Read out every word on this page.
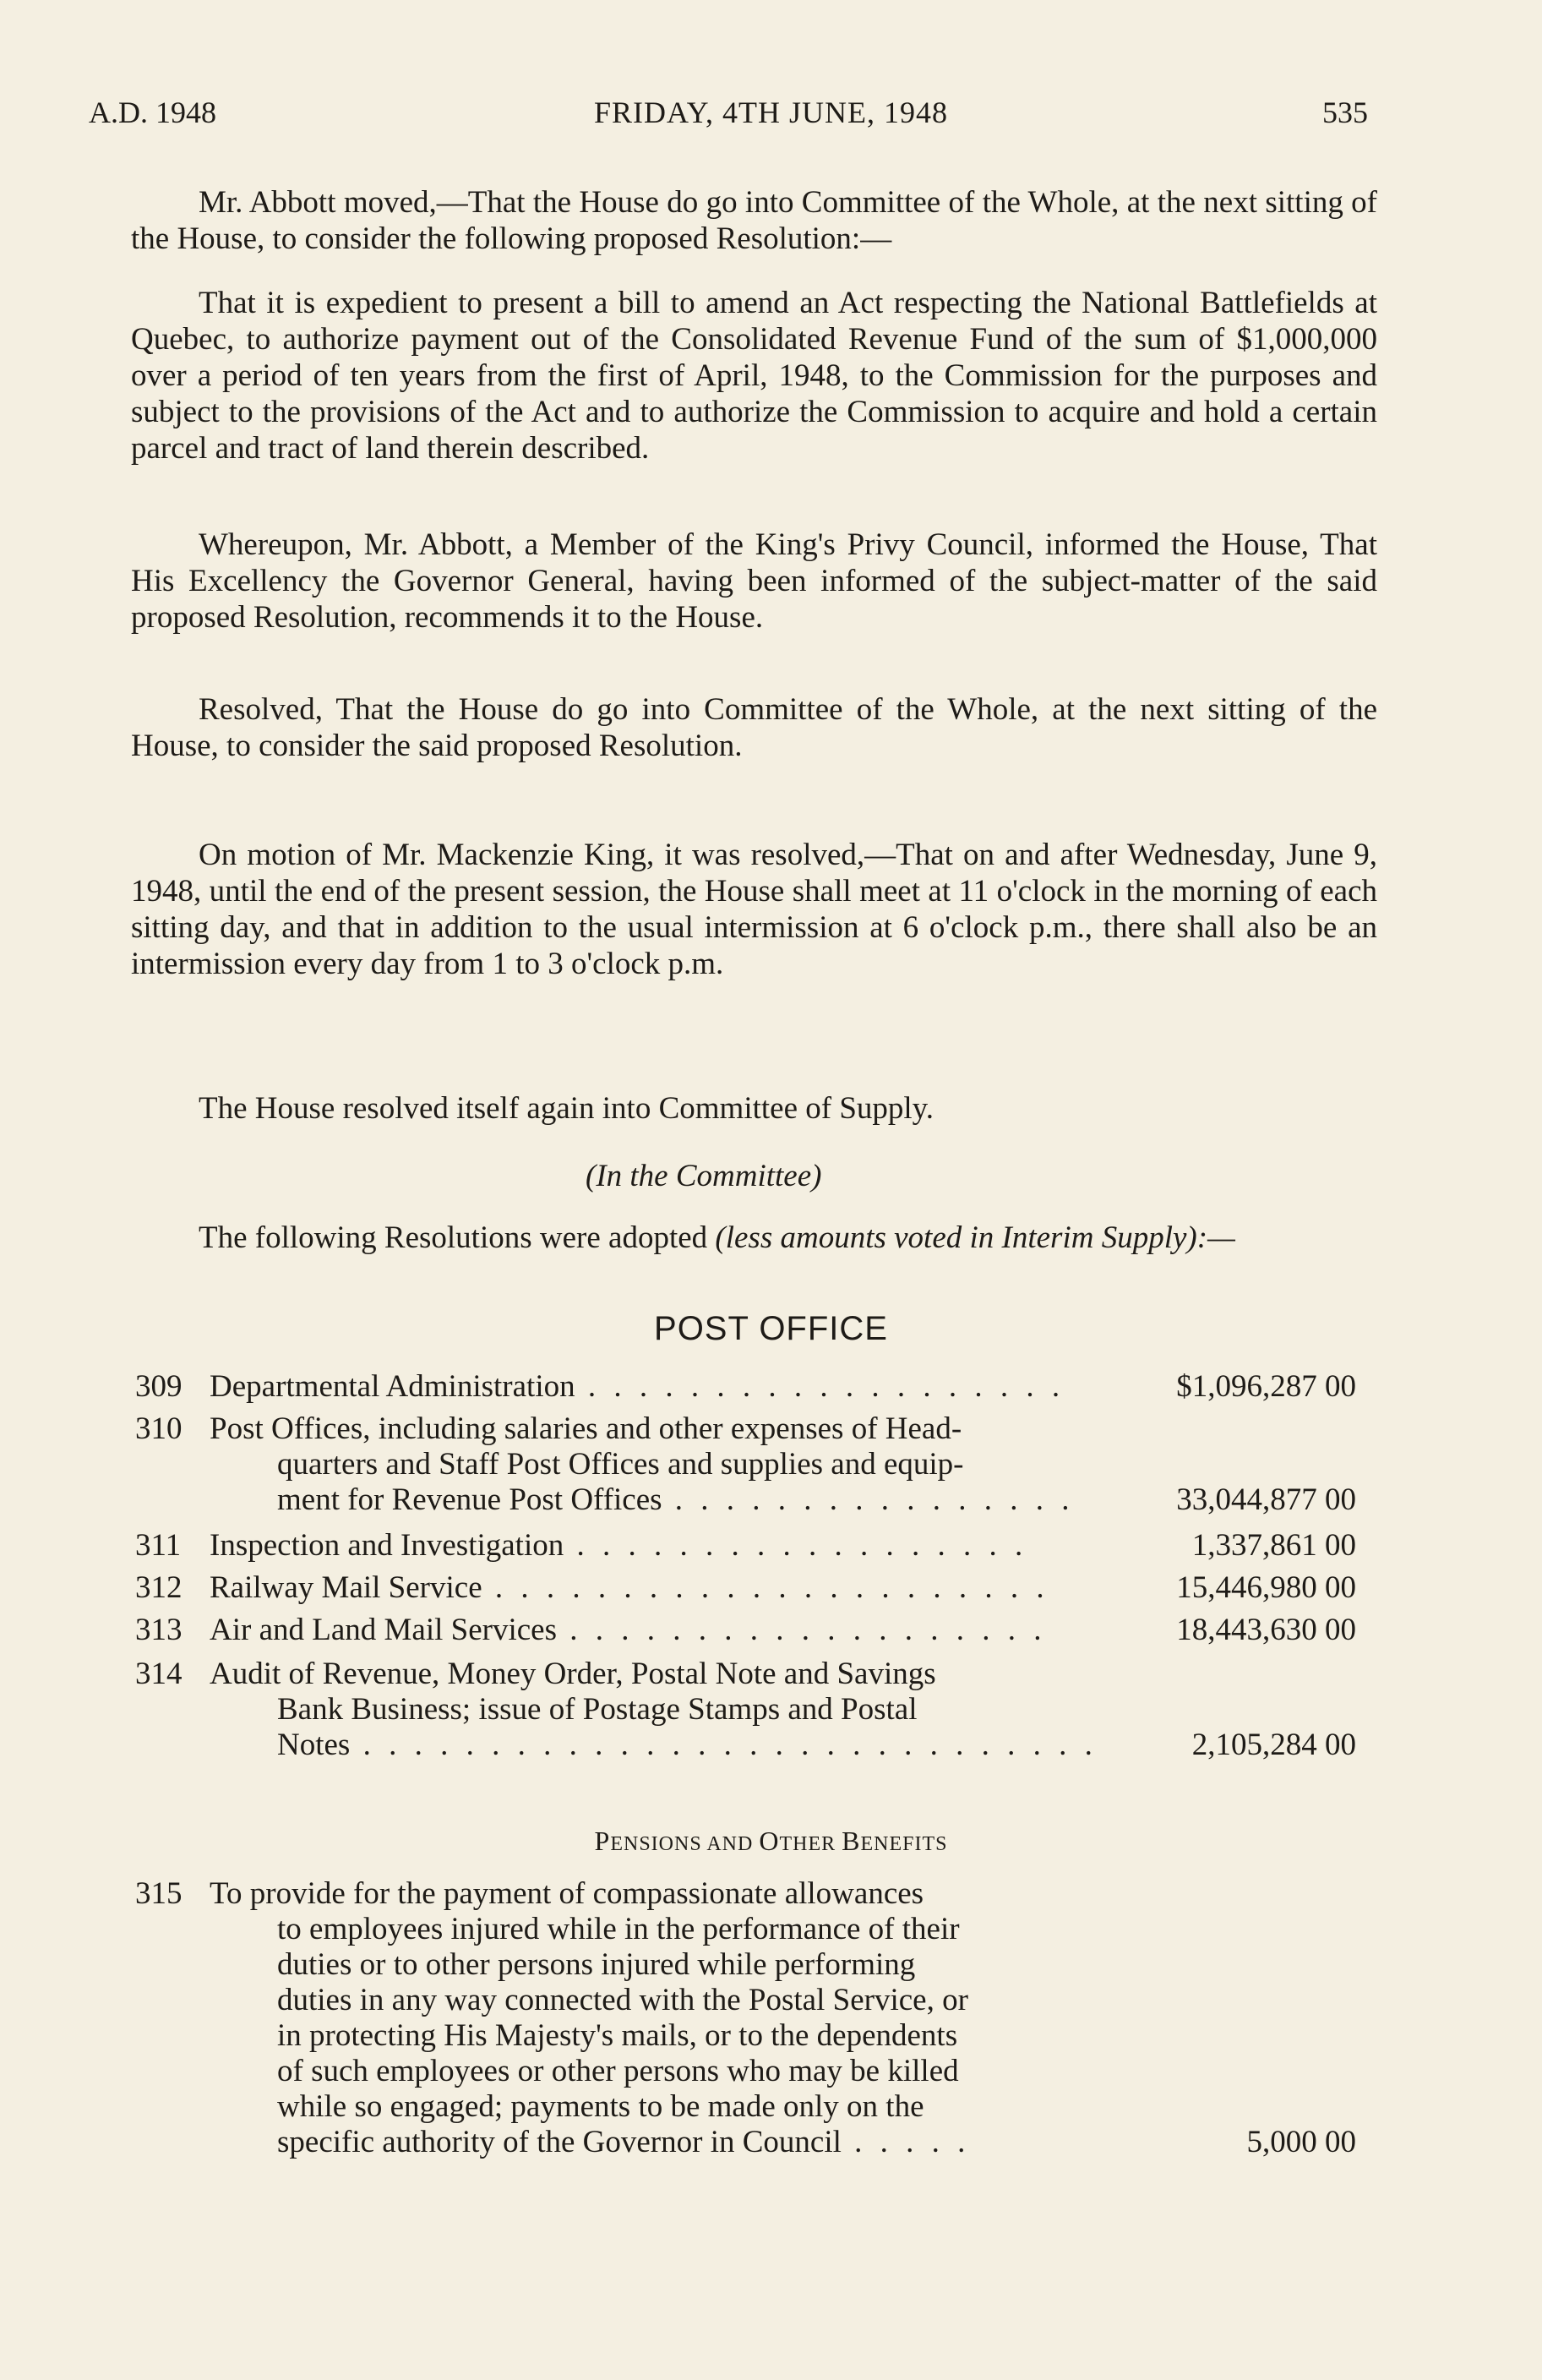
A.D. 1948	FRIDAY, 4TH JUNE, 1948	535

Mr. Abbott moved,—That the House do go into Committee of the Whole, at the next sitting of the House, to consider the following proposed Resolution:—

That it is expedient to present a bill to amend an Act respecting the National Battlefields at Quebec, to authorize payment out of the Consolidated Revenue Fund of the sum of $1,000,000 over a period of ten years from the first of April, 1948, to the Commission for the purposes and subject to the provisions of the Act and to authorize the Commission to acquire and hold a certain parcel and tract of land therein described.

Whereupon, Mr. Abbott, a Member of the King's Privy Council, informed the House, That His Excellency the Governor General, having been informed of the subject-matter of the said proposed Resolution, recommends it to the House.

Resolved, That the House do go into Committee of the Whole, at the next sitting of the House, to consider the said proposed Resolution.

On motion of Mr. Mackenzie King, it was resolved,—That on and after Wednesday, June 9, 1948, until the end of the present session, the House shall meet at 11 o'clock in the morning of each sitting day, and that in addition to the usual intermission at 6 o'clock p.m., there shall also be an intermission every day from 1 to 3 o'clock p.m.

The House resolved itself again into Committee of Supply.

(In the Committee)

The following Resolutions were adopted (less amounts voted in Interim Supply):—

POST OFFICE
309 Departmental Administration . . . . . . . . . . . . . . . . . . .	$1,096,287 00
310 Post Offices, including salaries and other expenses of Head-
quarters and Staff Post Offices and supplies and equip-
ment for Revenue Post Offices . . . . . . . . . . . . . . . .	33,044,877 00
311 Inspection and Investigation . . . . . . . . . . . . . . . . . .	1,337,861 00
312 Railway Mail Service . . . . . . . . . . . . . . . . . . . . . .	15,446,980 00
313 Air and Land Mail Services . . . . . . . . . . . . . . . . . . .	18,443,630 00
314 Audit of Revenue, Money Order, Postal Note and Savings
Bank Business; issue of Postage Stamps and Postal
Notes . . . . . . . . . . . . . . . . . . . . . . . . . . . . .	2,105,284 00
PENSIONS AND OTHER BENEFITS
315 To provide for the payment of compassionate allowances
to employees injured while in the performance of their
duties or to other persons injured while performing
duties in any way connected with the Postal Service, or
in protecting His Majesty's mails, or to the dependents
of such employees or other persons who may be killed
while so engaged; payments to be made only on the
specific authority of the Governor in Council . . . . .	5,000 00
